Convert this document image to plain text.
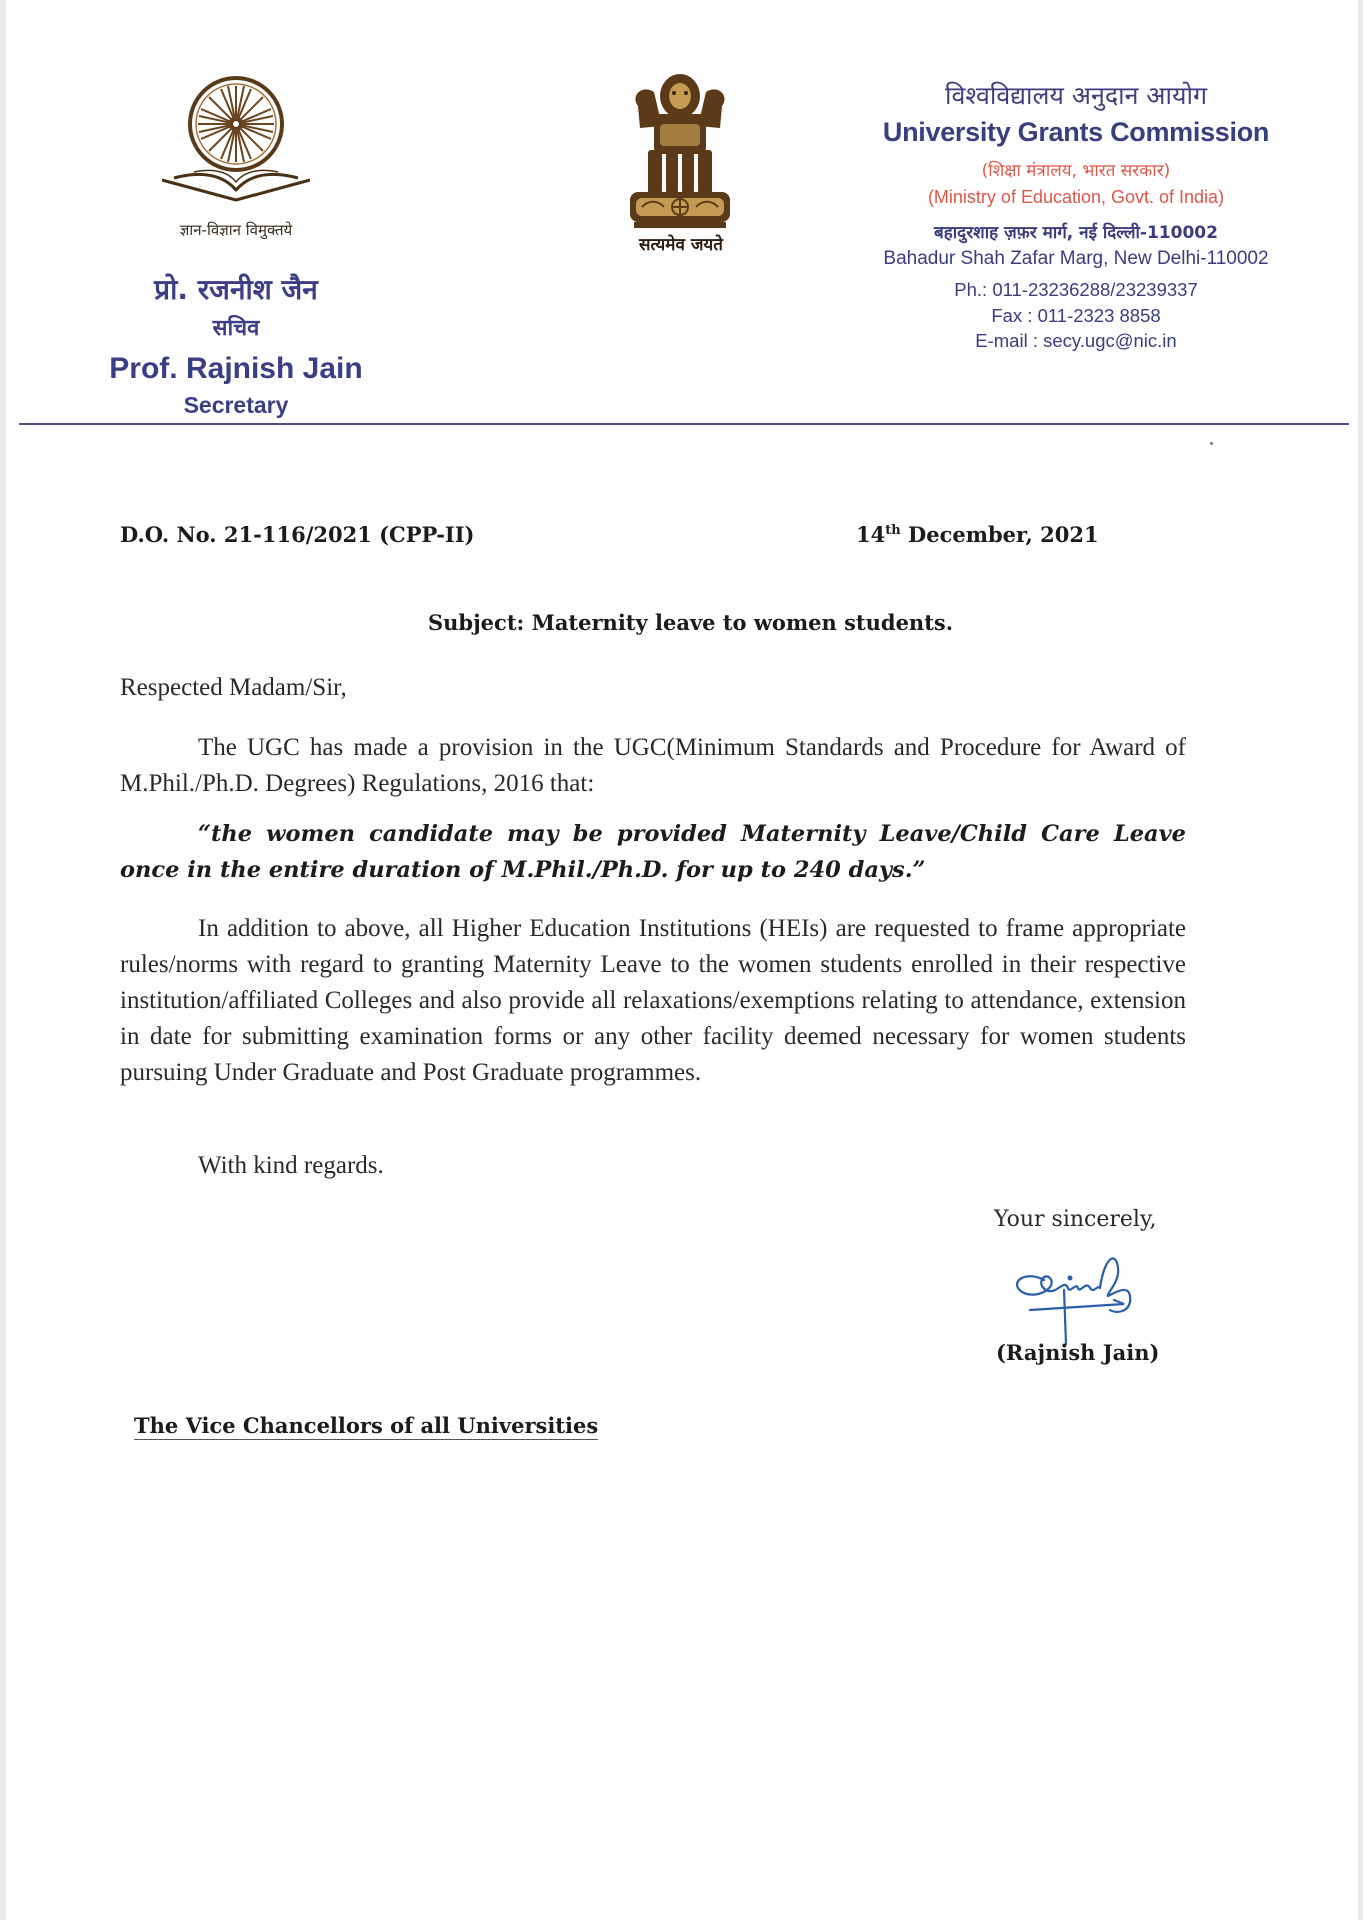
ज्ञान-विज्ञान विमुक्तये
प्रो. रजनीश जैन
सचिव
Prof. Rajnish Jain
Secretary
सत्यमेव जयते
विश्वविद्यालय अनुदान आयोग
University Grants Commission
(शिक्षा मंत्रालय, भारत सरकार)
(Ministry of Education, Govt. of India)
बहादुरशाह ज़फ़र मार्ग, नई दिल्ली-110002
Bahadur Shah Zafar Marg, New Delhi-110002
Ph.: 011-23236288/23239337
Fax : 011-2323 8858
E-mail : secy.ugc@nic.in
D.O. No. 21-116/2021 (CPP-II)	14th December, 2021
Subject: Maternity leave to women students.
Respected Madam/Sir,
The UGC has made a provision in the UGC(Minimum Standards and Procedure for Award of M.Phil./Ph.D. Degrees) Regulations, 2016 that:
“the women candidate may be provided Maternity Leave/Child Care Leave once in the entire duration of M.Phil./Ph.D. for up to 240 days.”
In addition to above, all Higher Education Institutions (HEIs) are requested to frame appropriate rules/norms with regard to granting Maternity Leave to the women students enrolled in their respective institution/affiliated Colleges and also provide all relaxations/exemptions relating to attendance, extension in date for submitting examination forms or any other facility deemed necessary for women students pursuing Under Graduate and Post Graduate programmes.
With kind regards.
Your sincerely,
(Rajnish Jain)
The Vice Chancellors of all Universities
